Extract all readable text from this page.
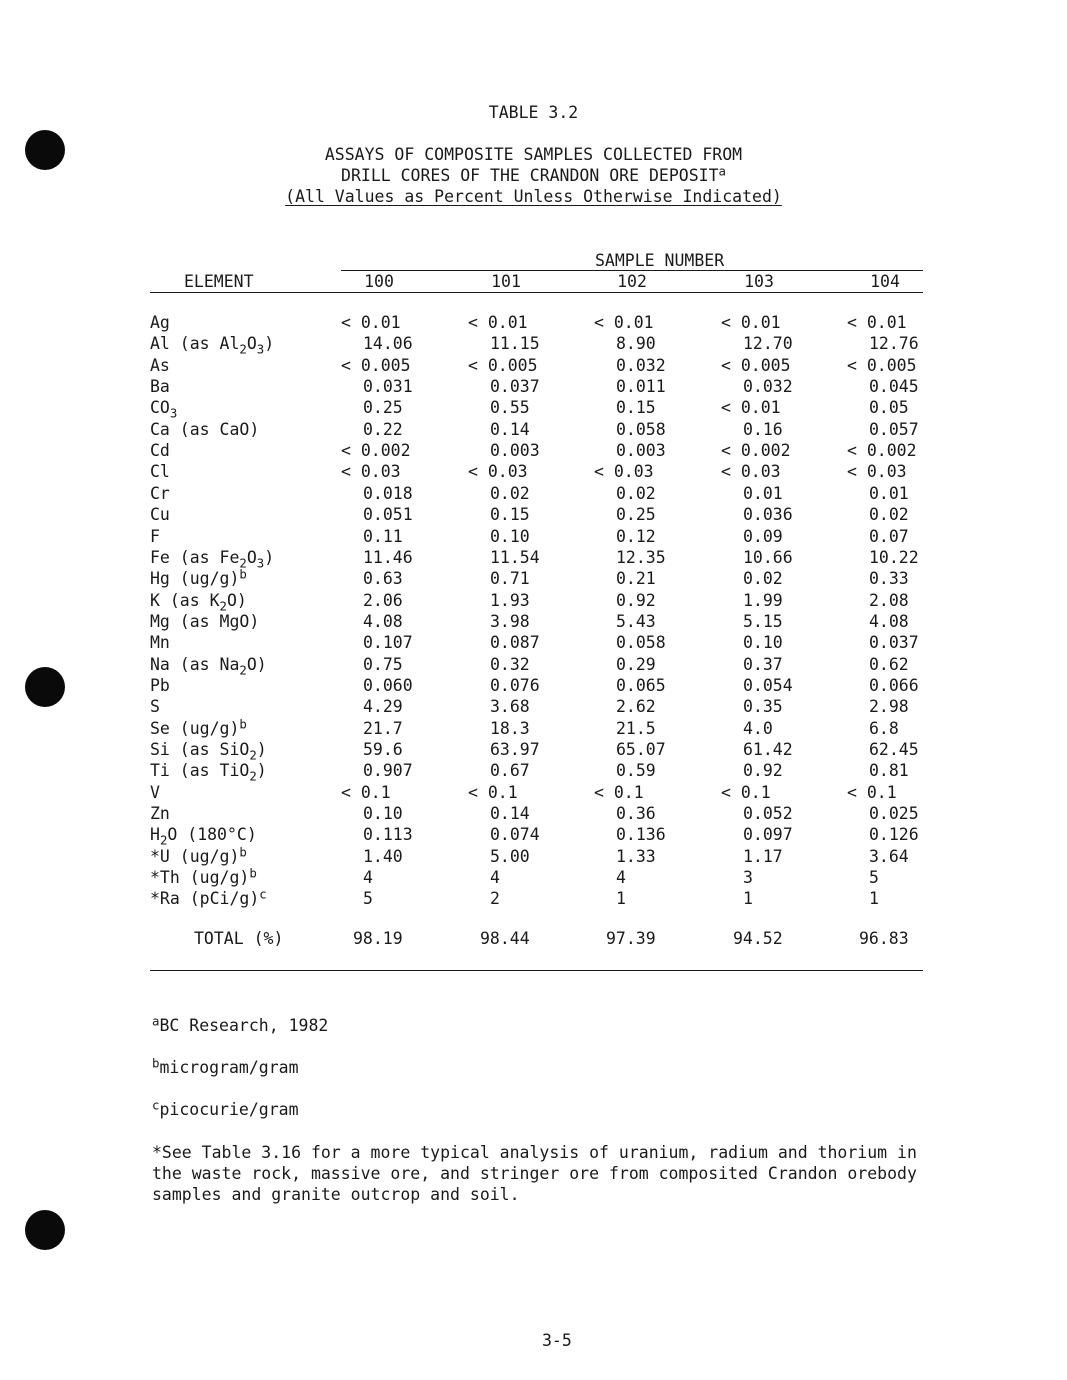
TABLE 3.2
ASSAYS OF COMPOSITE SAMPLES COLLECTED FROM
DRILL CORES OF THE CRANDON ORE DEPOSIT$^a$
(All Values as Percent Unless Otherwise Indicated)
SAMPLE NUMBER
ELEMENT	100	101	102	103	104
Ag	< 0.01	< 0.01	< 0.01	< 0.01	< 0.01
Al (as $Al_2O_3$)	14.06	11.15	8.90	12.70	12.76
As	< 0.005	< 0.005	0.032	< 0.005	< 0.005
Ba	0.031	0.037	0.011	0.032	0.045
$CO_3$	0.25	0.55	0.15	< 0.01	0.05
Ca (as CaO)	0.22	0.14	0.058	0.16	0.057
Cd	< 0.002	0.003	0.003	< 0.002	< 0.002
Cl	< 0.03	< 0.03	< 0.03	< 0.03	< 0.03
Cr	0.018	0.02	0.02	0.01	0.01
Cu	0.051	0.15	0.25	0.036	0.02
F	0.11	0.10	0.12	0.09	0.07
Fe (as $Fe_2O_3$)	11.46	11.54	12.35	10.66	10.22
Hg $(ug/g)^b$	0.63	0.71	0.21	0.02	0.33
K (as $K_2O$)	2.06	1.93	0.92	1.99	2.08
Mg (as MgO)	4.08	3.98	5.43	5.15	4.08
Mn	0.107	0.087	0.058	0.10	0.037
Na (as $Na_2O$)	0.75	0.32	0.29	0.37	0.62
Pb	0.060	0.076	0.065	0.054	0.066
S	4.29	3.68	2.62	0.35	2.98
Se $(ug/g)^b$	21.7	18.3	21.5	4.0	6.8
Si (as SiO$_2$)	59.6	63.97	65.07	61.42	62.45
Ti (as TiO$_2$)	0.907	0.67	0.59	0.92	0.81
V	< 0.1	< 0.1	< 0.1	< 0.1	< 0.1
Zn	0.10	0.14	0.36	0.052	0.025
$H_2O$ (180°C)	0.113	0.074	0.136	0.097	0.126
*U $(ug/g)^b$	1.40	5.00	1.33	1.17	3.64
*Th $(ug/g)^b$	4	4	4	3	5
*Ra $(pCi/g)^c$	5	2	1	1	1
TOTAL (%)	98.19	98.44	97.39	94.52	96.83
$^a$BC Research, 1982
$^b$microgram/gram
$^c$picocurie/gram
*See Table 3.16 for a more typical analysis of uranium, radium and thorium in
the waste rock, massive ore, and stringer ore from composited Crandon orebody
samples and granite outcrop and soil.
3-5
